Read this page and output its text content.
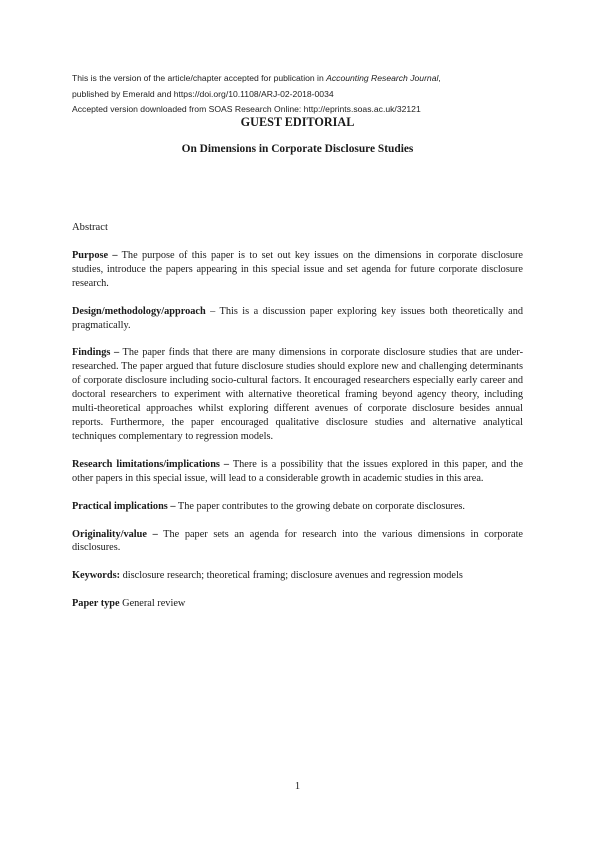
This is the version of the article/chapter accepted for publication in Accounting Research Journal,
published by Emerald and https://doi.org/10.1108/ARJ-02-2018-0034
Accepted version downloaded from SOAS Research Online: http://eprints.soas.ac.uk/32121
GUEST EDITORIAL
On Dimensions in Corporate Disclosure Studies
Abstract

Purpose – The purpose of this paper is to set out key issues on the dimensions in corporate disclosure studies, introduce the papers appearing in this special issue and set agenda for future corporate disclosure research.

Design/methodology/approach – This is a discussion paper exploring key issues both theoretically and pragmatically.

Findings – The paper finds that there are many dimensions in corporate disclosure studies that are under-researched. The paper argued that future disclosure studies should explore new and challenging determinants of corporate disclosure including socio-cultural factors. It encouraged researchers especially early career and doctoral researchers to experiment with alternative theoretical framing beyond agency theory, including multi-theoretical approaches whilst exploring different avenues of corporate disclosure besides annual reports. Furthermore, the paper encouraged qualitative disclosure studies and alternative analytical techniques complementary to regression models.

Research limitations/implications – There is a possibility that the issues explored in this paper, and the other papers in this special issue, will lead to a considerable growth in academic studies in this area.

Practical implications – The paper contributes to the growing debate on corporate disclosures.

Originality/value – The paper sets an agenda for research into the various dimensions in corporate disclosures.

Keywords: disclosure research; theoretical framing; disclosure avenues and regression models

Paper type General review

1
